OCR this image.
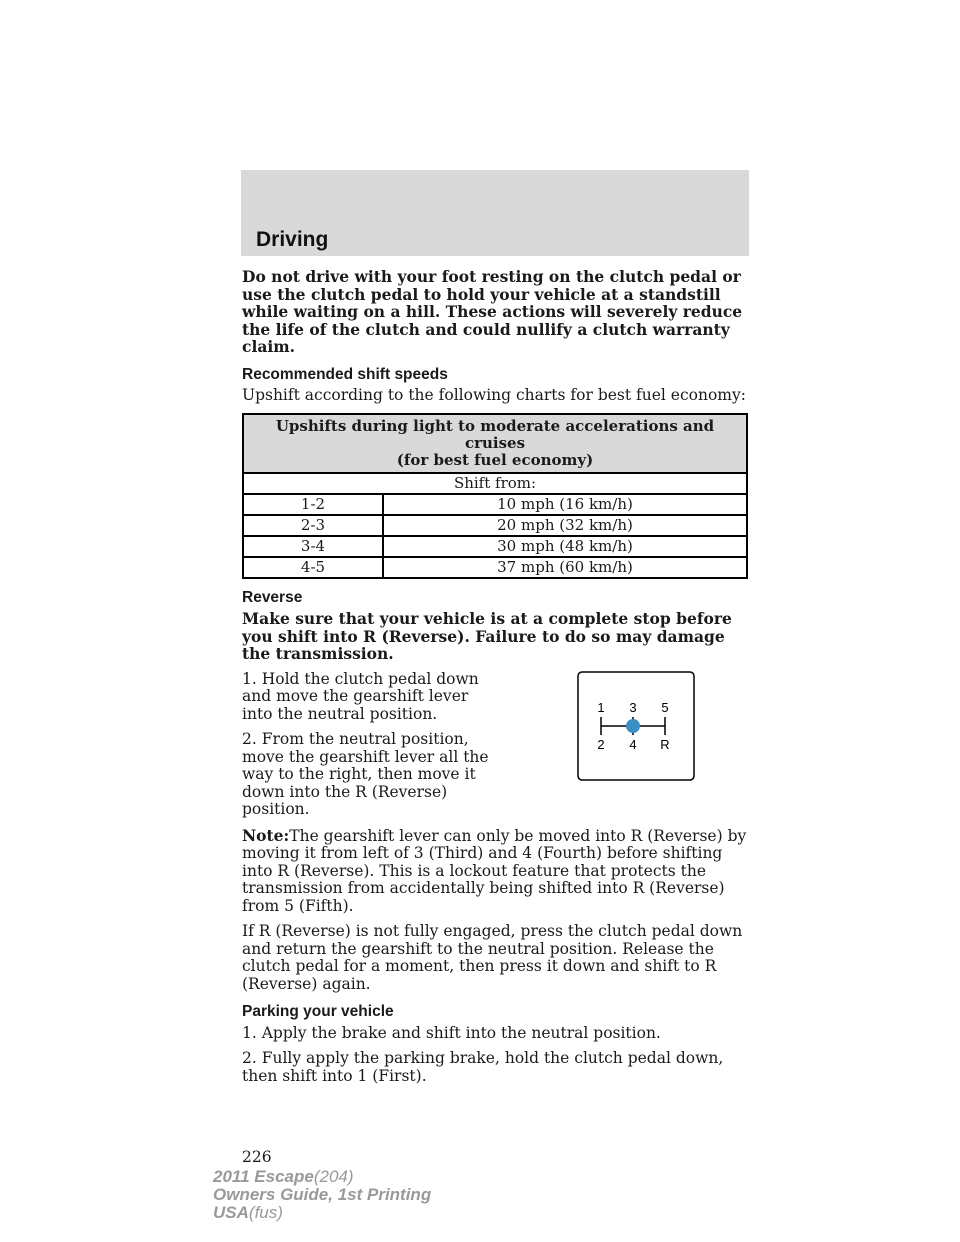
Driving

Do not drive with your foot resting on the clutch pedal or use the clutch pedal to hold your vehicle at a standstill while waiting on a hill. These actions will severely reduce the life of the clutch and could nullify a clutch warranty claim.

Recommended shift speeds

Upshift according to the following charts for best fuel economy:

Upshifts during light to moderate accelerations and cruises
(for best fuel economy)	
Shift from:	
1-2	10 mph (16 km/h)
2-3	20 mph (32 km/h)
3-4	30 mph (48 km/h)
4-5	37 mph (60 km/h)
Reverse

Make sure that your vehicle is at a complete stop before you shift into R (Reverse). Failure to do so may damage the transmission.

1 3 5
2 4 R

1. Hold the clutch pedal down and move the gearshift lever into the neutral position.

2. From the neutral position, move the gearshift lever all the way to the right, then move it down into the R (Reverse) position.

Note:The gearshift lever can only be moved into R (Reverse) by moving it from left of 3 (Third) and 4 (Fourth) before shifting into R (Reverse). This is a lockout feature that protects the transmission from accidentally being shifted into R (Reverse) from 5 (Fifth).

If R (Reverse) is not fully engaged, press the clutch pedal down and return the gearshift to the neutral position. Release the clutch pedal for a moment, then press it down and shift to R (Reverse) again.

Parking your vehicle

1. Apply the brake and shift into the neutral position.

2. Fully apply the parking brake, hold the clutch pedal down, then shift into 1 (First).

226
2011 Escape(204)
Owners Guide, 1st Printing
USA(fus)
